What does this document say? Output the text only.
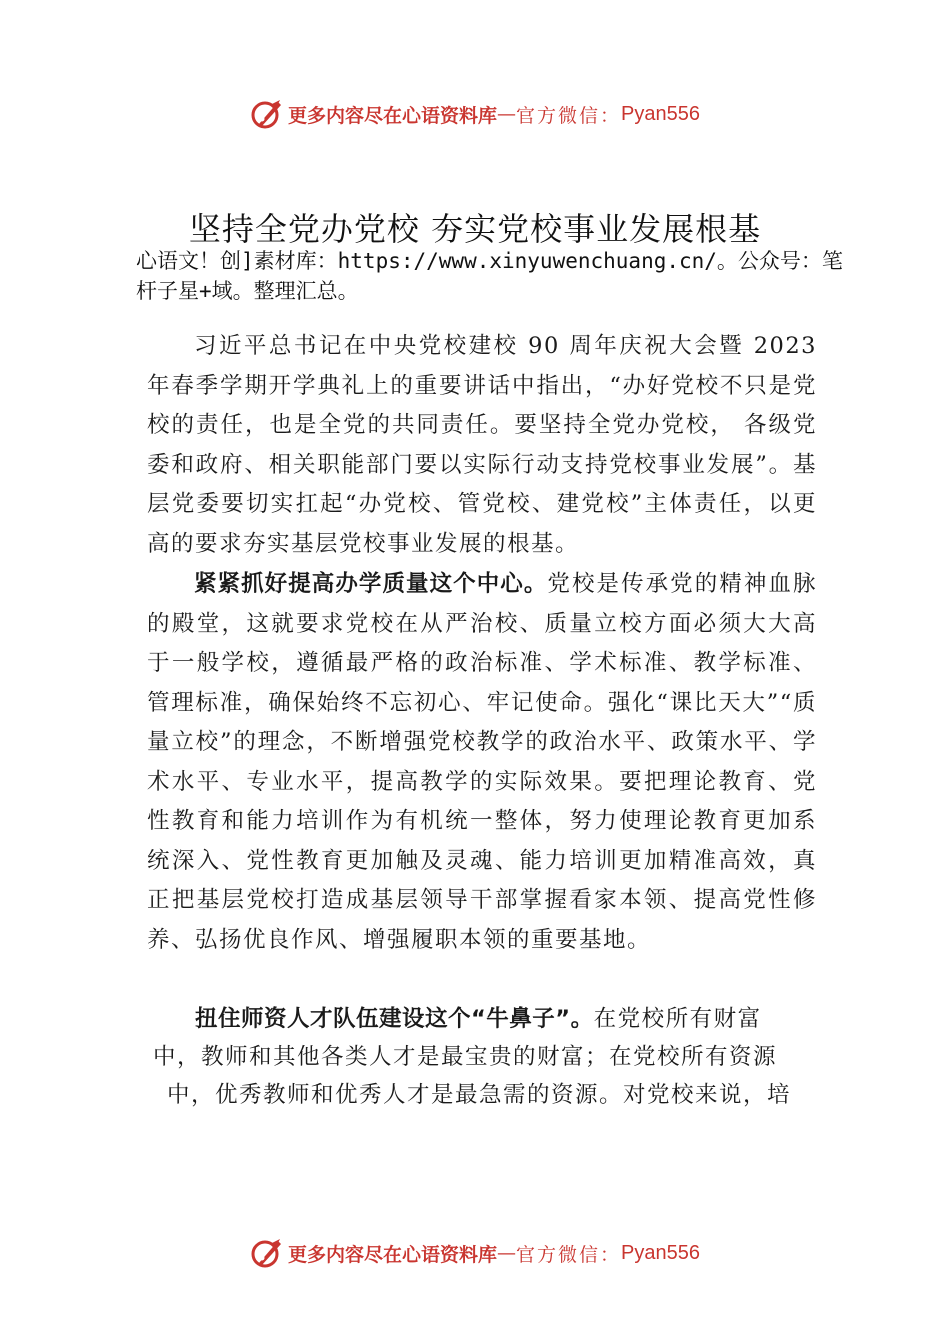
更多内容尽在心语资料库 — 官方微信： Pyan556
坚持全党办党校 夯实党校事业发展根基
心语文！创]素材库：https://www.xinyuwenchuang.cn/。公众号：笔杆子星+域。整理汇总。

习近平总书记在中央党校建校 90 周年庆祝大会暨 2023 年春季学期开学典礼上的重要讲话中指出，“办好党校不只是党校的责任，也是全党的共同责任。要坚持全党办党校， 各级党委和政府、相关职能部门要以实际行动支持党校事业发展”。基层党委要切实扛起“办党校、管党校、建党校”主体责任，以更高的要求夯实基层党校事业发展的根基。

紧紧抓好提高办学质量这个中心。党校是传承党的精神血脉的殿堂，这就要求党校在从严治校、质量立校方面必须大大高于一般学校，遵循最严格的政治标准、学术标准、教学标准、管理标准，确保始终不忘初心、牢记使命。强化“课比天大”“质量立校”的理念，不断增强党校教学的政治水平、政策水平、学术水平、专业水平，提高教学的实际效果。要把理论教育、党性教育和能力培训作为有机统一整体，努力使理论教育更加系统深入、党性教育更加触及灵魂、能力培训更加精准高效，真正把基层党校打造成基层领导干部掌握看家本领、提高党性修养、弘扬优良作风、增强履职本领的重要基地。

扭住师资人才队伍建设这个“牛鼻子”。在党校所有财富
中，教师和其他各类人才是最宝贵的财富；在党校所有资源
中，优秀教师和优秀人才是最急需的资源。对党校来说，培
更多内容尽在心语资料库 — 官方微信： Pyan556
